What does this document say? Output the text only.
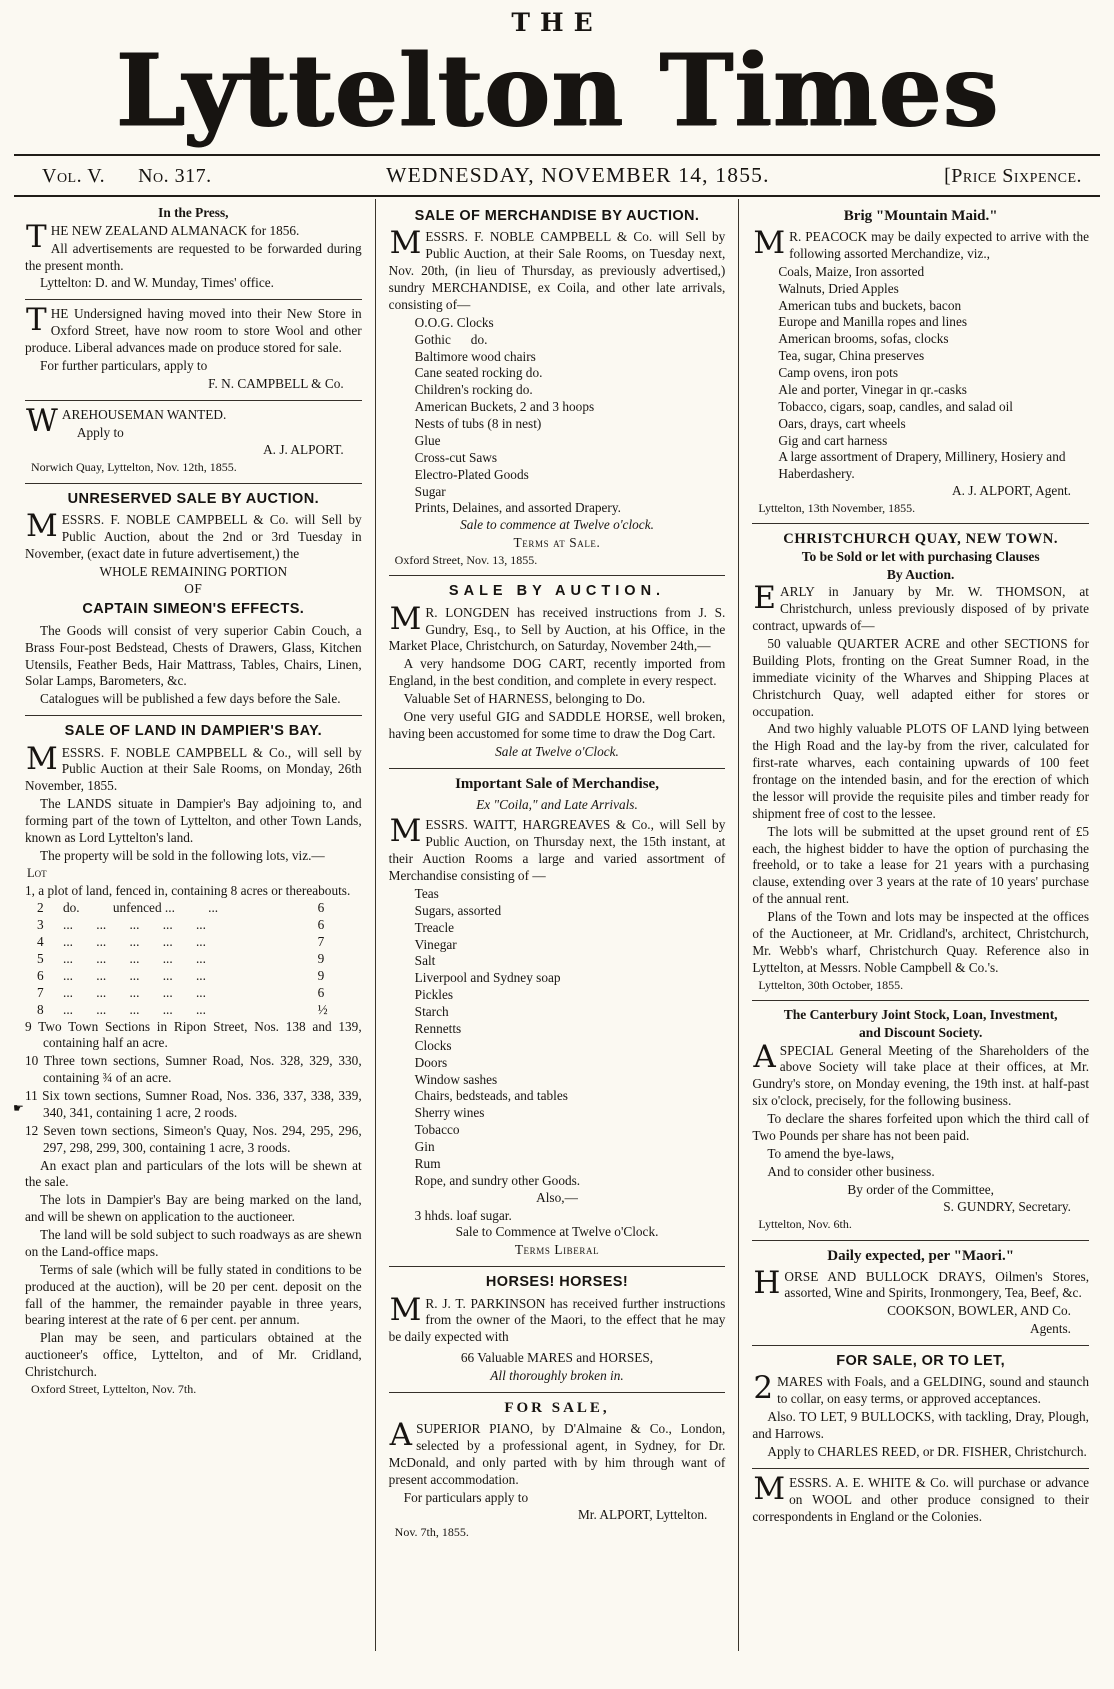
THE
Lyttelton Times
Vol. V.      No. 317.	WEDNESDAY, NOVEMBER 14, 1855.	[Price Sixpence.

In the Press,

THE NEW ZEALAND ALMANACK for 1856.

All advertisements are requested to be forwarded during the present month.

Lyttelton: D. and W. Munday, Times' office.

THE Undersigned having moved into their New Store in Oxford Street, have now room to store Wool and other produce. Liberal advances made on produce stored for sale.

For further particulars, apply to

F. N. CAMPBELL & Co.

WAREHOUSEMAN WANTED.

Apply to

A. J. ALPORT.

Norwich Quay, Lyttelton, Nov. 12th, 1855.

UNRESERVED SALE BY AUCTION.

MESSRS. F. NOBLE CAMPBELL & Co. will Sell by Public Auction, about the 2nd or 3rd Tuesday in November, (exact date in future advertisement,) the

WHOLE REMAINING PORTION

OF

CAPTAIN SIMEON'S EFFECTS.

The Goods will consist of very superior Cabin Couch, a Brass Four-post Bedstead, Chests of Drawers, Glass, Kitchen Utensils, Feather Beds, Hair Mattrass, Tables, Chairs, Linen, Solar Lamps, Barometers, &c.

Catalogues will be published a few days before the Sale.

SALE OF LAND IN DAMPIER'S BAY.

MESSRS. F. NOBLE CAMPBELL & Co., will sell by Public Auction at their Sale Rooms, on Monday, 26th November, 1855.

The LANDS situate in Dampier's Bay adjoining to, and forming part of the town of Lyttelton, and other Town Lands, known as Lord Lyttelton's land.

The property will be sold in the following lots, viz.—

Lot

1, a plot of land, fenced in, containing 8 acres or thereabouts.

2	do.          unfenced ...          ...	6
3	...       ...       ...       ...       ...	6
4	...       ...       ...       ...       ...	7
5	...       ...       ...       ...       ...	9
6	...       ...       ...       ...       ...	9
7	...       ...       ...       ...       ...	6
8	...       ...       ...       ...       ...	½

9 Two Town Sections in Ripon Street, Nos. 138 and 139, containing half an acre.

10 Three town sections, Sumner Road, Nos. 328, 329, 330, containing ¾ of an acre.

☛

11 Six town sections, Sumner Road, Nos. 336, 337, 338, 339, 340, 341, containing 1 acre, 2 roods.

12 Seven town sections, Simeon's Quay, Nos. 294, 295, 296, 297, 298, 299, 300, containing 1 acre, 3 roods.

An exact plan and particulars of the lots will be shewn at the sale.

The lots in Dampier's Bay are being marked on the land, and will be shewn on application to the auctioneer.

The land will be sold subject to such roadways as are shewn on the Land-office maps.

Terms of sale (which will be fully stated in conditions to be produced at the auction), will be 20 per cent. deposit on the fall of the hammer, the remainder payable in three years, bearing interest at the rate of 6 per cent. per annum.

Plan may be seen, and particulars obtained at the auctioneer's office, Lyttelton, and of Mr. Cridland, Christchurch.

Oxford Street, Lyttelton, Nov. 7th.

SALE OF MERCHANDISE BY AUCTION.

MESSRS. F. NOBLE CAMPBELL & Co. will Sell by Public Auction, at their Sale Rooms, on Tuesday next, Nov. 20th, (in lieu of Thursday, as previously advertised,) sundry MERCHANDISE, ex Coila, and other late arrivals, consisting of—

O.O.G. Clocks

Gothic      do.

Baltimore wood chairs

Cane seated rocking do.

Children's rocking do.

American Buckets, 2 and 3 hoops

Nests of tubs (8 in nest)

Glue

Cross-cut Saws

Electro-Plated Goods

Sugar

Prints, Delaines, and assorted Drapery.

Sale to commence at Twelve o'clock.

Terms at Sale.

Oxford Street, Nov. 13, 1855.

SALE BY AUCTION.

MR. LONGDEN has received instructions from J. S. Gundry, Esq., to Sell by Auction, at his Office, in the Market Place, Christchurch, on Saturday, November 24th,—

A very handsome DOG CART, recently imported from England, in the best condition, and complete in every respect.

Valuable Set of HARNESS, belonging to Do.

One very useful GIG and SADDLE HORSE, well broken, having been accustomed for some time to draw the Dog Cart.

Sale at Twelve o'Clock.

Important Sale of Merchandise,

Ex "Coila," and Late Arrivals.

MESSRS. WAITT, HARGREAVES & Co., will Sell by Public Auction, on Thursday next, the 15th instant, at their Auction Rooms a large and varied assortment of Merchandise consisting of —

Teas

Sugars, assorted

Treacle

Vinegar

Salt

Liverpool and Sydney soap

Pickles

Starch

Rennetts

Clocks

Doors

Window sashes

Chairs, bedsteads, and tables

Sherry wines

Tobacco

Gin

Rum

Rope, and sundry other Goods.

Also,—

3 hhds. loaf sugar.

Sale to Commence at Twelve o'Clock.

Terms Liberal

HORSES! HORSES!

MR. J. T. PARKINSON has received further instructions from the owner of the Maori, to the effect that he may be daily expected with

66 Valuable MARES and HORSES,

All thoroughly broken in.

FOR SALE,

ASUPERIOR PIANO, by D'Almaine & Co., London, selected by a professional agent, in Sydney, for Dr. McDonald, and only parted with by him through want of present accommodation.

For particulars apply to

Mr. ALPORT, Lyttelton.

Nov. 7th, 1855.

Brig "Mountain Maid."

MR. PEACOCK may be daily expected to arrive with the following assorted Merchandize, viz.,

Coals, Maize, Iron assorted

Walnuts, Dried Apples

American tubs and buckets, bacon

Europe and Manilla ropes and lines

American brooms, sofas, clocks

Tea, sugar, China preserves

Camp ovens, iron pots

Ale and porter, Vinegar in qr.-casks

Tobacco, cigars, soap, candles, and salad oil

Oars, drays, cart wheels

Gig and cart harness

A large assortment of Drapery, Millinery, Hosiery and Haberdashery.

A. J. ALPORT, Agent.

Lyttelton, 13th November, 1855.

CHRISTCHURCH QUAY, NEW TOWN.

To be Sold or let with purchasing Clauses

By Auction.

EARLY in January by Mr. W. THOMSON, at Christchurch, unless previously disposed of by private contract, upwards of—

50 valuable QUARTER ACRE and other SECTIONS for Building Plots, fronting on the Great Sumner Road, in the immediate vicinity of the Wharves and Shipping Places at Christchurch Quay, well adapted either for stores or occupation.

And two highly valuable PLOTS OF LAND lying between the High Road and the lay-by from the river, calculated for first-rate wharves, each containing upwards of 100 feet frontage on the intended basin, and for the erection of which the lessor will provide the requisite piles and timber ready for shipment free of cost to the lessee.

The lots will be submitted at the upset ground rent of £5 each, the highest bidder to have the option of purchasing the freehold, or to take a lease for 21 years with a purchasing clause, extending over 3 years at the rate of 10 years' purchase of the annual rent.

Plans of the Town and lots may be inspected at the offices of the Auctioneer, at Mr. Cridland's, architect, Christchurch, Mr. Webb's wharf, Christchurch Quay. Reference also in Lyttelton, at Messrs. Noble Campbell & Co.'s.

Lyttelton, 30th October, 1855.

The Canterbury Joint Stock, Loan, Investment,

and Discount Society.

ASPECIAL General Meeting of the Shareholders of the above Society will take place at their offices, at Mr. Gundry's store, on Monday evening, the 19th inst. at half-past six o'clock, precisely, for the following business.

To declare the shares forfeited upon which the third call of Two Pounds per share has not been paid.

To amend the bye-laws,

And to consider other business.

By order of the Committee,

S. GUNDRY, Secretary.

Lyttelton, Nov. 6th.

Daily expected, per "Maori."

HORSE AND BULLOCK DRAYS, Oilmen's Stores, assorted, Wine and Spirits, Ironmongery, Tea, Beef, &c.

COOKSON, BOWLER, AND Co.

Agents.

FOR SALE, OR TO LET,

2MARES with Foals, and a GELDING, sound and staunch to collar, on easy terms, or approved acceptances.

Also. TO LET, 9 BULLOCKS, with tackling, Dray, Plough, and Harrows.

Apply to CHARLES REED, or DR. FISHER, Christchurch.

MESSRS. A. E. WHITE & Co. will purchase or advance on WOOL and other produce consigned to their correspondents in England or the Colonies.
